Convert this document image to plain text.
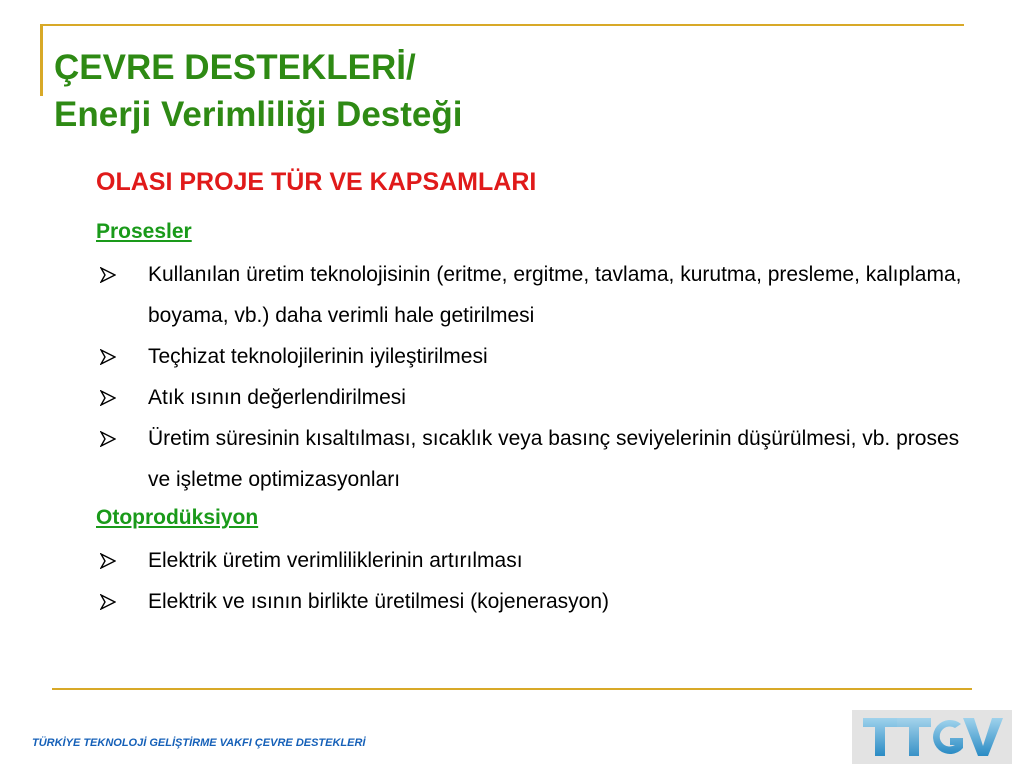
ÇEVRE DESTEKLERİ/
Enerji Verimliliği Desteği
OLASI PROJE TÜR VE KAPSAMLARI
Prosesler
Kullanılan üretim teknolojisinin (eritme, ergitme, tavlama, kurutma, presleme, kalıplama, boyama, vb.) daha verimli hale getirilmesi
Teçhizat teknolojilerinin iyileştirilmesi
Atık ısının değerlendirilmesi
Üretim süresinin kısaltılması, sıcaklık veya basınç seviyelerinin düşürülmesi, vb. proses ve işletme optimizasyonları
Otoprodüksiyon
Elektrik üretim verimliliklerinin artırılması
Elektrik ve ısının birlikte üretilmesi (kojenerasyon)
TÜRKİYE TEKNOLOJİ GELİŞTİRME VAKFI ÇEVRE DESTEKLERİ
